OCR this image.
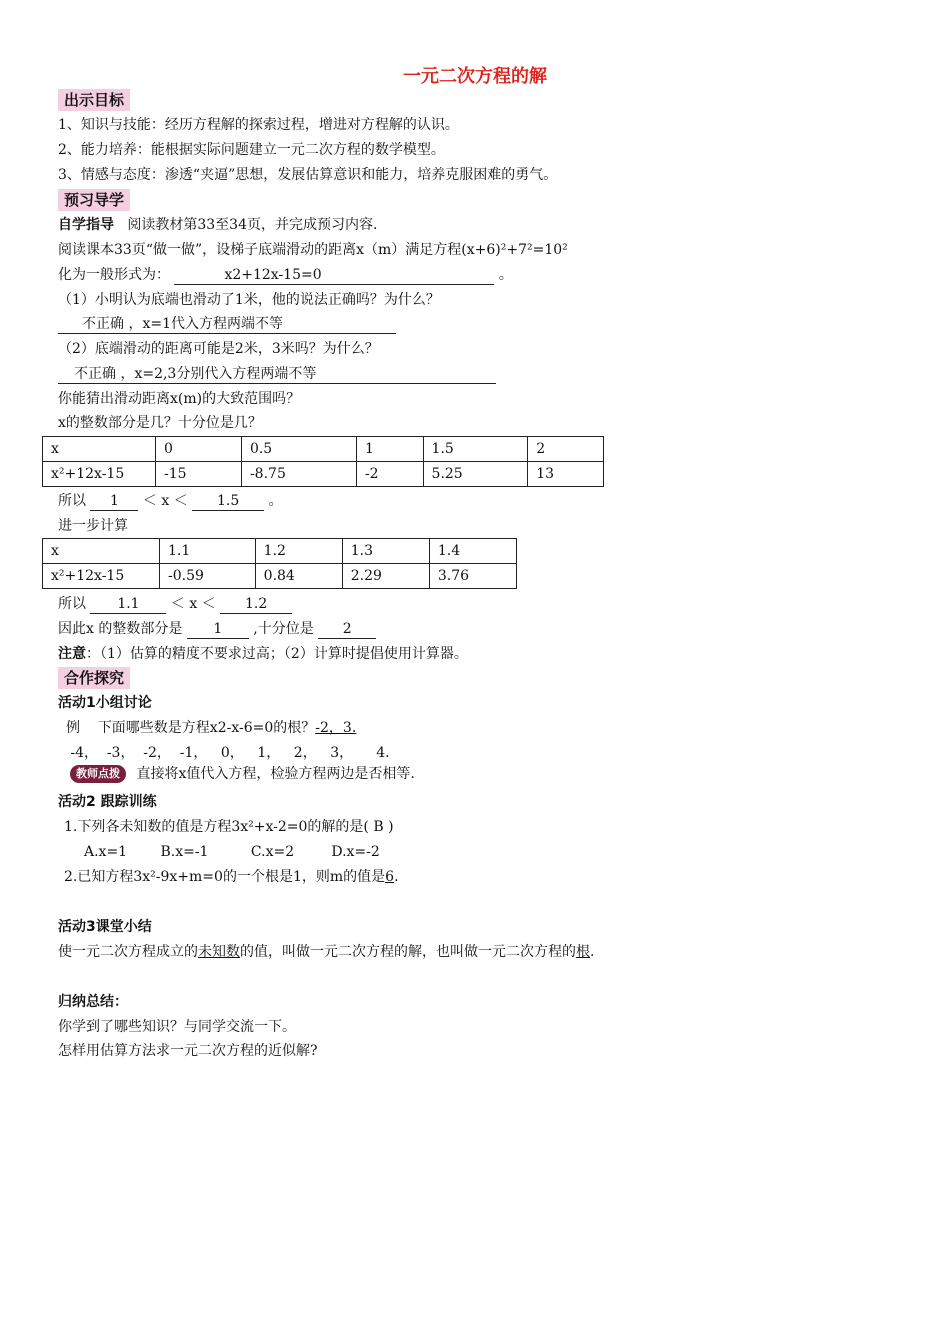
一元二次方程的解
出示目标
1、知识与技能：经历方程解的探索过程，增进对方程解的认识。
2、能力培养：能根据实际问题建立一元二次方程的数学模型。
3、情感与态度：渗透“夹逼”思想，发展估算意识和能力，培养克服困难的勇气。
预习导学
自学指导 阅读教材第33至34页，并完成预习内容.
阅读课本33页“做一做”，设梯子底端滑动的距离x（m）满足方程(x+6)²+7²=10²
化为一般形式为：	x2+12x-15=0	。
（1）小明认为底端也滑动了1米，他的说法正确吗？为什么？
不正确 ，x=1代入方程两端不等
（2）底端滑动的距离可能是2米，3米吗？为什么？
不正确 ，x=2,3分别代入方程两端不等
你能猜出滑动距离x(m)的大致范围吗？
x的整数部分是几？十分位是几？
x	0	0.5	1	1.5	2
x²+12x-15	-15	-8.75	-2	5.25	13
所以 1 ＜ x ＜ 1.5 。
进一步计算
x	1.1	1.2	1.3	1.4
x²+12x-15	-0.59	0.84	2.29	3.76
所以 1.1 ＜ x ＜ 1.2
因此x 的整数部分是 1 ,十分位是 2
注意：（1）估算的精度不要求过高；（2）计算时提倡使用计算器。
合作探究
活动1小组讨论
例 下面哪些数是方程x2-x-6=0的根？-2，3.
-4， -3， -2， -1， 0， 1， 2， 3， 4.
教师点拨 直接将x值代入方程，检验方程两边是否相等.
活动2 跟踪训练
1.下列各未知数的值是方程3x²+x-2=0的解的是( B )
A.x=1 B.x=-1	C.x=2	D.x=-2
2.已知方程3x²-9x+m=0的一个根是1，则m的值是6.
活动3课堂小结
使一元二次方程成立的未知数的值，叫做一元二次方程的解，也叫做一元二次方程的根.
归纳总结：
你学到了哪些知识？与同学交流一下。
怎样用估算方法求一元二次方程的近似解?
